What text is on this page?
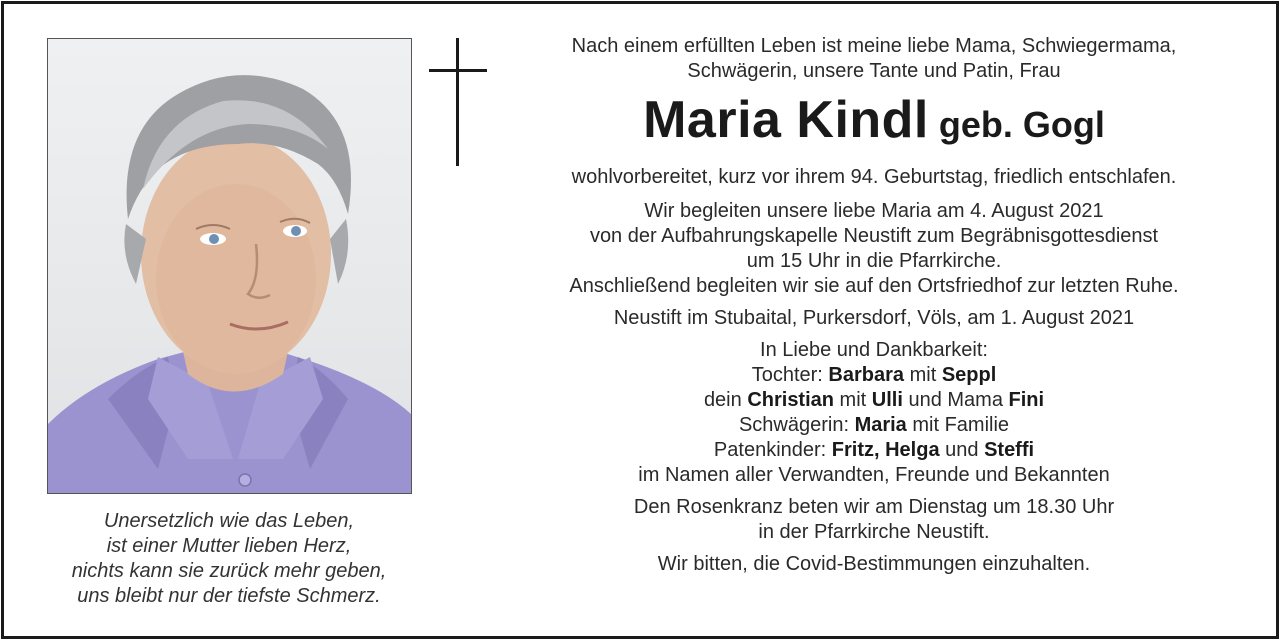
Unersetzlich wie das Leben,
ist einer Mutter lieben Herz,
nichts kann sie zurück mehr geben,
uns bleibt nur der tiefste Schmerz.
Nach einem erfüllten Leben ist meine liebe Mama, Schwiegermama,
Schwägerin, unsere Tante und Patin, Frau
Maria Kindl geb. Gogl
wohlvorbereitet, kurz vor ihrem 94. Geburtstag, friedlich entschlafen.
Wir begleiten unsere liebe Maria am 4. August 2021
von der Aufbahrungskapelle Neustift zum Begräbnisgottesdienst
um 15 Uhr in die Pfarrkirche.
Anschließend begleiten wir sie auf den Ortsfriedhof zur letzten Ruhe.
Neustift im Stubaital, Purkersdorf, Völs, am 1. August 2021
In Liebe und Dankbarkeit:
Tochter: Barbara mit Seppl
dein Christian mit Ulli und Mama Fini
Schwägerin: Maria mit Familie
Patenkinder: Fritz, Helga und Steffi
im Namen aller Verwandten, Freunde und Bekannten
Den Rosenkranz beten wir am Dienstag um 18.30 Uhr
in der Pfarrkirche Neustift.
Wir bitten, die Covid-Bestimmungen einzuhalten.
